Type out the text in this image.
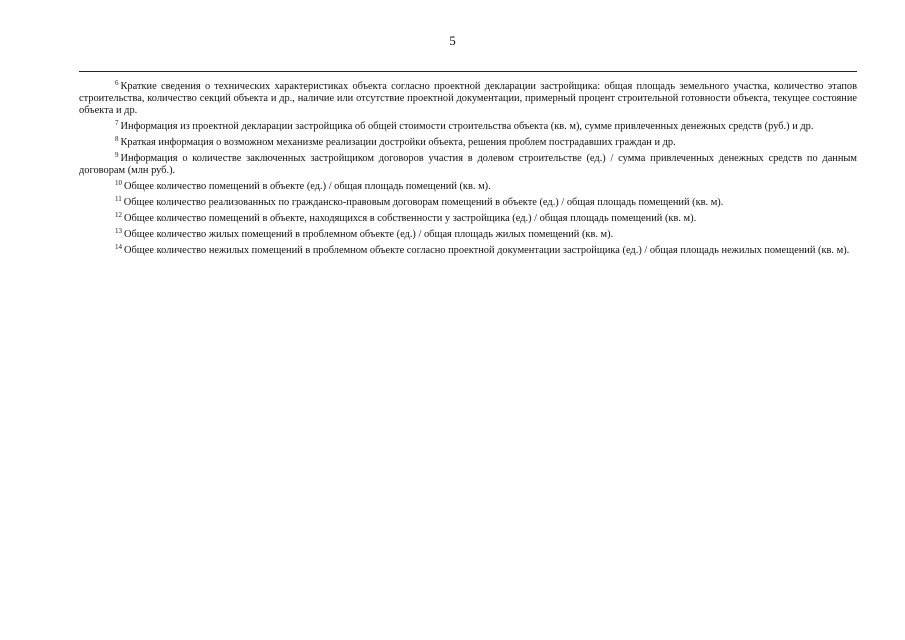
5

$^6$ Краткие сведения о технических характеристиках объекта согласно проектной декларации застройщика: общая площадь земельного участка, количество этапов строительства, количество секций объекта и др., наличие или отсутствие проектной документации, примерный процент строительной готовности объекта, текущее состояние объекта и др.

$^7$ Информация из проектной декларации застройщика об общей стоимости строительства объекта (кв. м), сумме привлеченных денежных средств (руб.) и др.

$^8$ Краткая информация о возможном механизме реализации достройки объекта, решения проблем пострадавших граждан и др.

$^9$ Информация о количестве заключенных застройщиком договоров участия в долевом строительстве (ед.) / сумма привлеченных денежных средств по данным договорам (млн руб.).

$^{10}$ Общее количество помещений в объекте (ед.) / общая площадь помещений (кв. м).

$^{11}$ Общее количество реализованных по гражданско-правовым договорам помещений в объекте (ед.) / общая площадь помещений (кв. м).

$^{12}$ Общее количество помещений в объекте, находящихся в собственности у застройщика (ед.) / общая площадь помещений (кв. м).

$^{13}$ Общее количество жилых помещений в проблемном объекте (ед.) / общая площадь жилых помещений (кв. м).

$^{14}$ Общее количество нежилых помещений в проблемном объекте согласно проектной документации застройщика (ед.) / общая площадь нежилых помещений (кв. м).
